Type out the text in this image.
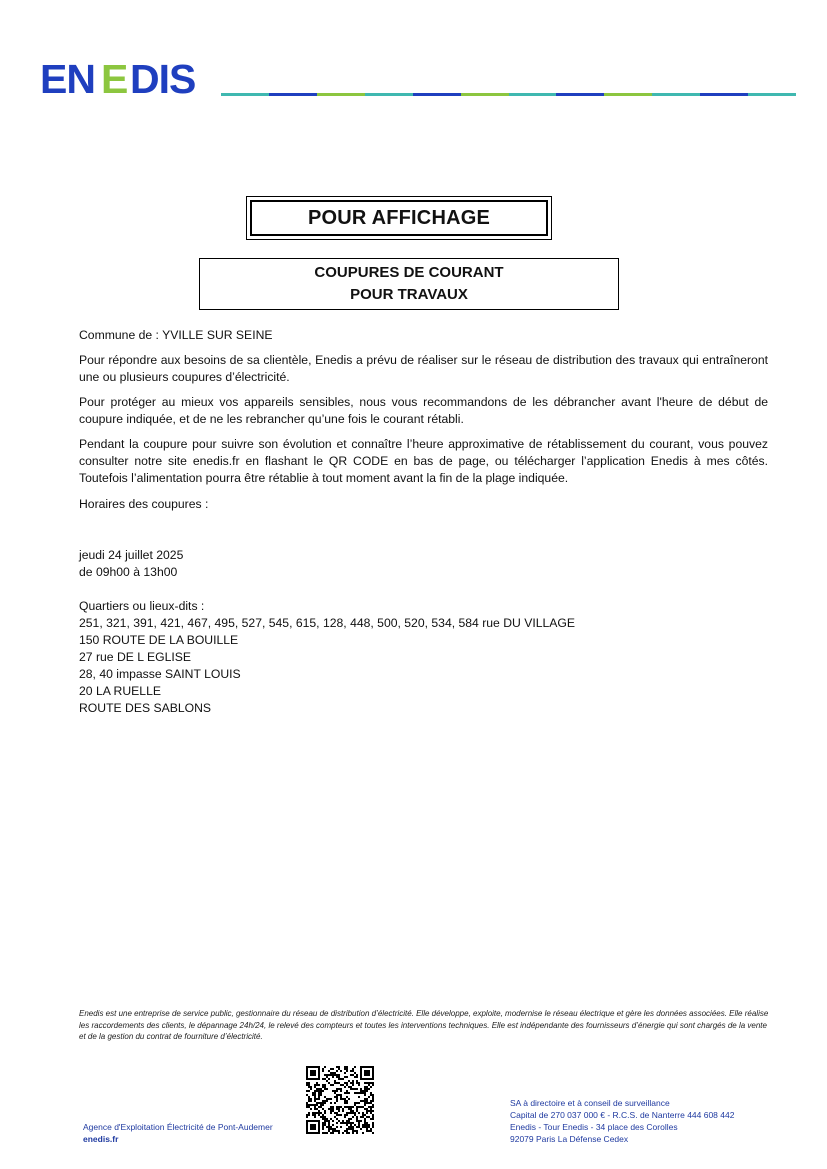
EN E DIS
POUR AFFICHAGE
COUPURES DE COURANT
POUR TRAVAUX
Commune de : YVILLE SUR SEINE
Pour répondre aux besoins de sa clientèle, Enedis a prévu de réaliser sur le réseau de distribution des travaux qui entraîneront une ou plusieurs coupures d’électricité.
Pour protéger au mieux vos appareils sensibles, nous vous recommandons de les débrancher avant l'heure de début de coupure indiquée, et de ne les rebrancher qu’une fois le courant rétabli.
Pendant la coupure pour suivre son évolution et connaître l’heure approximative de rétablissement du courant, vous pouvez consulter notre site enedis.fr en flashant le QR CODE en bas de page, ou télécharger l’application Enedis à mes côtés. Toutefois l’alimentation pourra être rétablie à tout moment avant la fin de la plage indiquée.
Horaires des coupures :
jeudi 24 juillet 2025
de 09h00 à 13h00
Quartiers ou lieux-dits :
251, 321, 391, 421, 467, 495, 527, 545, 615, 128, 448, 500, 520, 534, 584 rue DU VILLAGE
150 ROUTE DE LA BOUILLE
27 rue DE L EGLISE
28, 40 impasse SAINT LOUIS
20 LA RUELLE
ROUTE DES SABLONS
Enedis est une entreprise de service public, gestionnaire du réseau de distribution d’électricité. Elle développe, exploite, modernise le réseau électrique et gère les données associées. Elle réalise les raccordements des clients, le dépannage 24h/24, le relevé des compteurs et toutes les interventions techniques. Elle est indépendante des fournisseurs d’énergie qui sont chargés de la vente et de la gestion du contrat de fourniture d’électricité.
Agence d'Exploitation Électricité de Pont-Audemer
enedis.fr
SA à directoire et à conseil de surveillance
Capital de 270 037 000 € - R.C.S. de Nanterre 444 608 442
Enedis - Tour Enedis - 34 place des Corolles
92079 Paris La Défense Cedex
